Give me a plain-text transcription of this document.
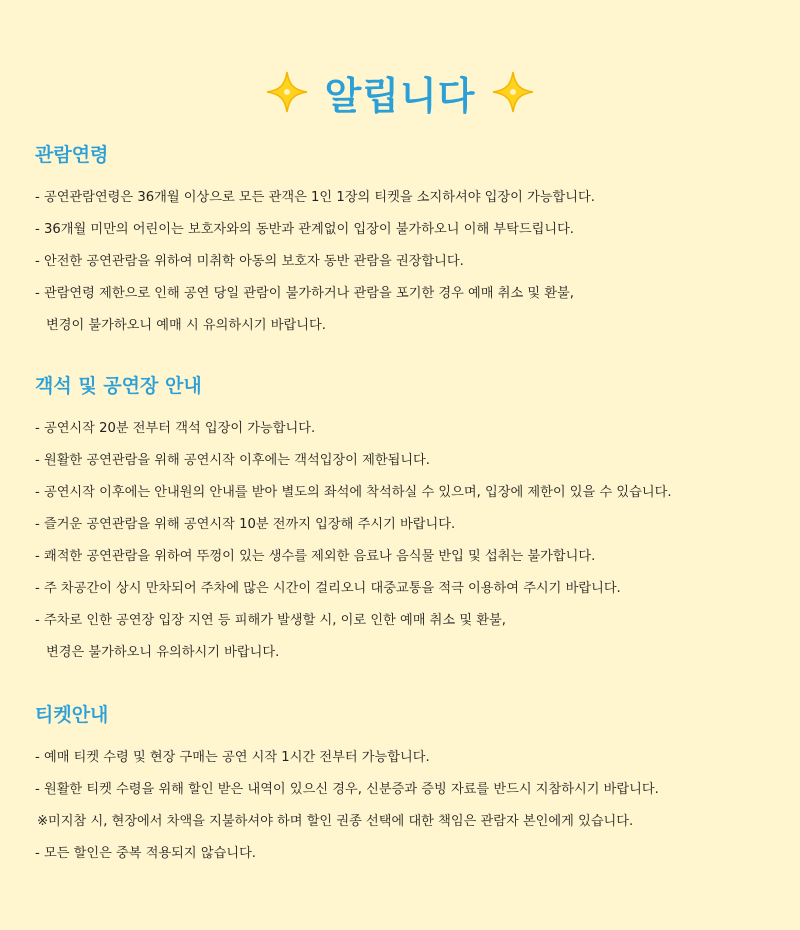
알립니다
관람연령

- 공연관람연령은 36개월 이상으로 모든 관객은 1인 1장의 티켓을 소지하셔야 입장이 가능합니다.

- 36개월 미만의 어린이는 보호자와의 동반과 관계없이 입장이 불가하오니 이해 부탁드립니다.

- 안전한 공연관람을 위하여 미취학 아동의 보호자 동반 관람을 권장합니다.

- 관람연령 제한으로 인해 공연 당일 관람이 불가하거나 관람을 포기한 경우 예매 취소 및 환불,

변경이 불가하오니 예매 시 유의하시기 바랍니다.

객석 및 공연장 안내

- 공연시작 20분 전부터 객석 입장이 가능합니다.

- 원활한 공연관람을 위해 공연시작 이후에는 객석입장이 제한됩니다.

- 공연시작 이후에는 안내원의 안내를 받아 별도의 좌석에 착석하실 수 있으며, 입장에 제한이 있을 수 있습니다.

- 즐거운 공연관람을 위해 공연시작 10분 전까지 입장해 주시기 바랍니다.

- 쾌적한 공연관람을 위하여 뚜껑이 있는 생수를 제외한 음료나 음식물 반입 및 섭취는 불가합니다.

- 주 차공간이 상시 만차되어 주차에 많은 시간이 걸리오니 대중교통을 적극 이용하여 주시기 바랍니다.

- 주차로 인한 공연장 입장 지연 등 피해가 발생할 시, 이로 인한 예매 취소 및 환불,

변경은 불가하오니 유의하시기 바랍니다.

티켓안내

- 예매 티켓 수령 및 현장 구매는 공연 시작 1시간 전부터 가능합니다.

- 원활한 티켓 수령을 위해 할인 받은 내역이 있으신 경우, 신분증과 증빙 자료를 반드시 지참하시기 바랍니다.

※미지참 시, 현장에서 차액을 지불하셔야 하며 할인 권종 선택에 대한 책임은 관람자 본인에게 있습니다.

- 모든 할인은 중복 적용되지 않습니다.
